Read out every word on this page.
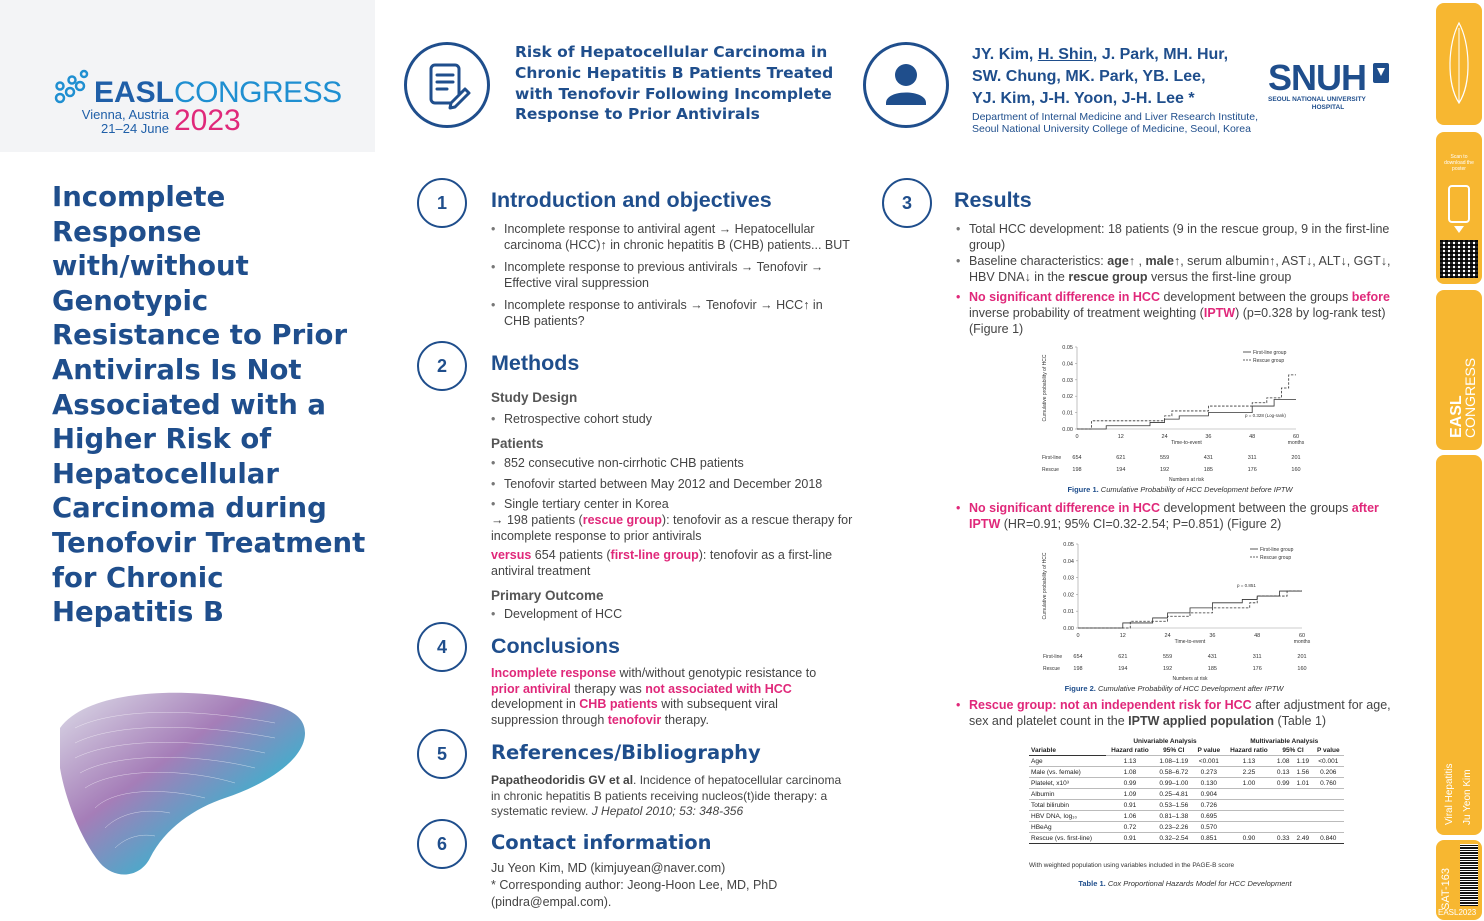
EASL CONGRESS
Vienna, Austria
21–24 June 2023
Incomplete Response with/without Genotypic Resistance to Prior Antivirals Is Not Associated with a Higher Risk of Hepatocellular Carcinoma during Tenofovir Treatment for Chronic Hepatitis B
Risk of Hepatocellular Carcinoma in Chronic Hepatitis B Patients Treated with Tenofovir Following Incomplete Response to Prior Antivirals
JY. Kim, H. Shin, J. Park, MH. Hur,
SW. Chung, MK. Park, YB. Lee,
YJ. Kim, J-H. Yoon, J-H. Lee *
Department of Internal Medicine and Liver Research Institute, Seoul National University College of Medicine, Seoul, Korea
SNUH
SEOUL NATIONAL UNIVERSITY
HOSPITAL
1	Introduction and objectives
• Incomplete response to antiviral agent → Hepatocellular carcinoma (HCC)↑ in chronic hepatitis B (CHB) patients... BUT
• Incomplete response to previous antivirals → Tenofovir → Effective viral suppression
• Incomplete response to antivirals → Tenofovir → HCC↑ in CHB patients?
2	Methods
Study Design
• Retrospective cohort study
Patients
• 852 consecutive non-cirrhotic CHB patients
• Tenofovir started between May 2012 and December 2018
• Single tertiary center in Korea
→ 198 patients (rescue group): tenofovir as a rescue therapy for incomplete response to prior antivirals
versus 654 patients (first-line group): tenofovir as a first-line antiviral treatment
Primary Outcome
• Development of HCC
4	Conclusions
Incomplete response with/without genotypic resistance to prior antiviral therapy was not associated with HCC development in CHB patients with subsequent viral suppression through tenofovir therapy.
5	References/Bibliography
Papatheodoridis GV et al. Incidence of hepatocellular carcinoma in chronic hepatitis B patients receiving nucleos(t)ide therapy: a systematic review. J Hepatol 2010; 53: 348-356
6	Contact information
Ju Yeon Kim, MD (kimjuyean@naver.com)
* Corresponding author: Jeong-Hoon Lee, MD, PhD (pindra@empal.com).
3	Results
• Total HCC development: 18 patients (9 in the rescue group, 9 in the first-line group)
• Baseline characteristics: age↑ , male↑, serum albumin↑, AST↓, ALT↓, GGT↓, HBV DNA↓ in the rescue group versus the first-line group
• No significant difference in HCC development between the groups before inverse probability of treatment weighting (IPTW) (p=0.328 by log-rank test) (Figure 1)
0.00
0.01
0.02
0.03
0.04
0.05
0	12	24	36	48	60
months
Time-to-event
Cumulative probability of HCC
First-line group
Rescue group
p = 0.328 (Log-rank)
First-line 654	621	559	431	311	201
Rescue 198	194	192	185	176	160
Numbers at risk
Figure 1. Cumulative Probability of HCC Development before IPTW
• No significant difference in HCC development between the groups after IPTW (HR=0.91; 95% CI=0.32-2.54; P=0.851) (Figure 2)
0.00
0.01
0.02
0.03
0.04
0.05
0	12	24	36	48	60
months
Time-to-event
Cumulative probability of HCC
First-line group
Rescue group
p = 0.851
First-line 654	621	559	431	311	201
Rescue 198	194	192	185	176	160
Numbers at risk
Figure 2. Cumulative Probability of HCC Development after IPTW
• Rescue group: not an independent risk for HCC after adjustment for age, sex and platelet count in the IPTW applied population (Table 1)
Variable	Univariable Analysis			Multivariable Analysis			
	Hazard ratio	95% CI	P value	Hazard ratio	95% CI		P value
Age	1.13	1.08–1.19	<0.001	1.13	1.08	1.19	<0.001
Male (vs. female)	1.08	0.58–6.72	0.273	2.25	0.13	1.56	0.206
Platelet, x10³	0.99	0.99–1.00	0.130	1.00	0.99	1.01	0.760
Albumin	1.09	0.25–4.81	0.904				
Total bilirubin	0.91	0.53–1.56	0.726				
HBV DNA, log₁₀	1.06	0.81–1.38	0.695				
HBeAg	0.72	0.23–2.26	0.570				
Rescue (vs. first-line)	0.91	0.32–2.54	0.851	0.90	0.33	2.49	0.840
With weighted population using variables included in the PAGE-B score
Table 1. Cox Proportional Hazards Model for HCC Development
Scan to download the poster
EASL
CONGRESS
Viral Hepatitis Ju Yeon Kim
SAT-163
EASL2023
